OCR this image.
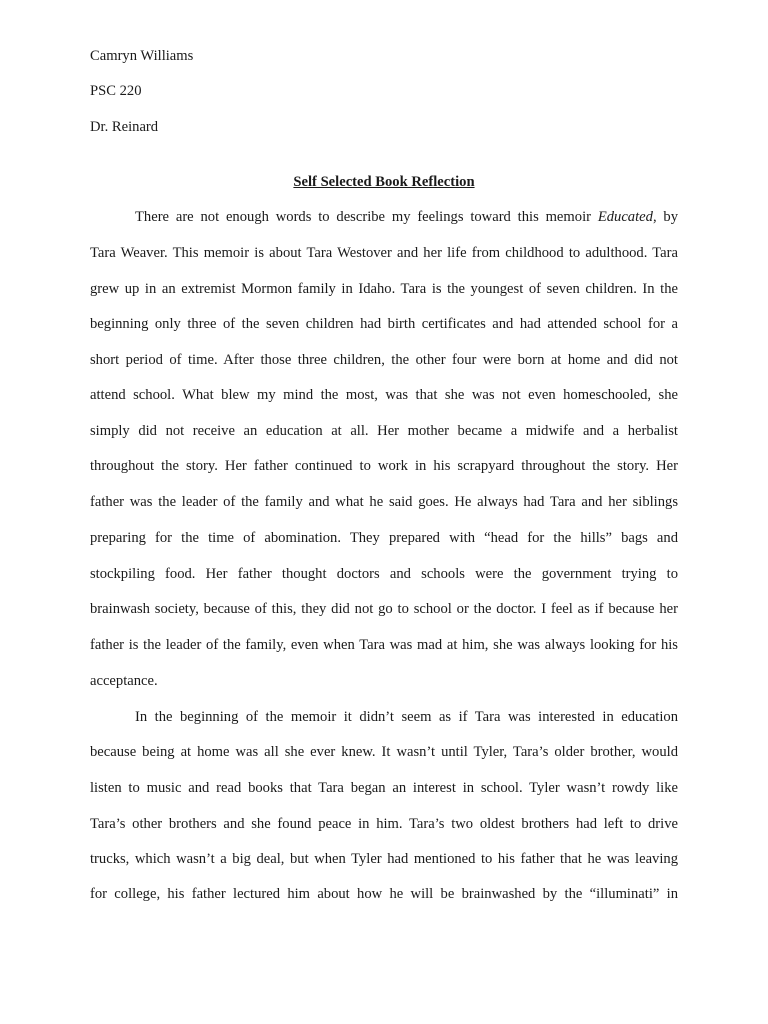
Camryn Williams
PSC 220
Dr. Reinard
Self Selected Book Reflection
There are not enough words to describe my feelings toward this memoir Educated, by
Tara Weaver. This memoir is about Tara Westover and her life from childhood to adulthood. Tara
grew up in an extremist Mormon family in Idaho. Tara is the youngest of seven children. In the
beginning only three of the seven children had birth certificates and had attended school for a
short period of time. After those three children, the other four were born at home and did not
attend school. What blew my mind the most, was that she was not even homeschooled, she
simply did not receive an education at all. Her mother became a midwife and a herbalist
throughout the story. Her father continued to work in his scrapyard throughout the story. Her
father was the leader of the family and what he said goes. He always had Tara and her siblings
preparing for the time of abomination. They prepared with “head for the hills” bags and
stockpiling food. Her father thought doctors and schools were the government trying to
brainwash society, because of this, they did not go to school or the doctor. I feel as if because her
father is the leader of the family, even when Tara was mad at him, she was always looking for his
acceptance.
In the beginning of the memoir it didn’t seem as if Tara was interested in education
because being at home was all she ever knew. It wasn’t until Tyler, Tara’s older brother, would
listen to music and read books that Tara began an interest in school. Tyler wasn’t rowdy like
Tara’s other brothers and she found peace in him. Tara’s two oldest brothers had left to drive
trucks, which wasn’t a big deal, but when Tyler had mentioned to his father that he was leaving
for college, his father lectured him about how he will be brainwashed by the “illuminati” in
